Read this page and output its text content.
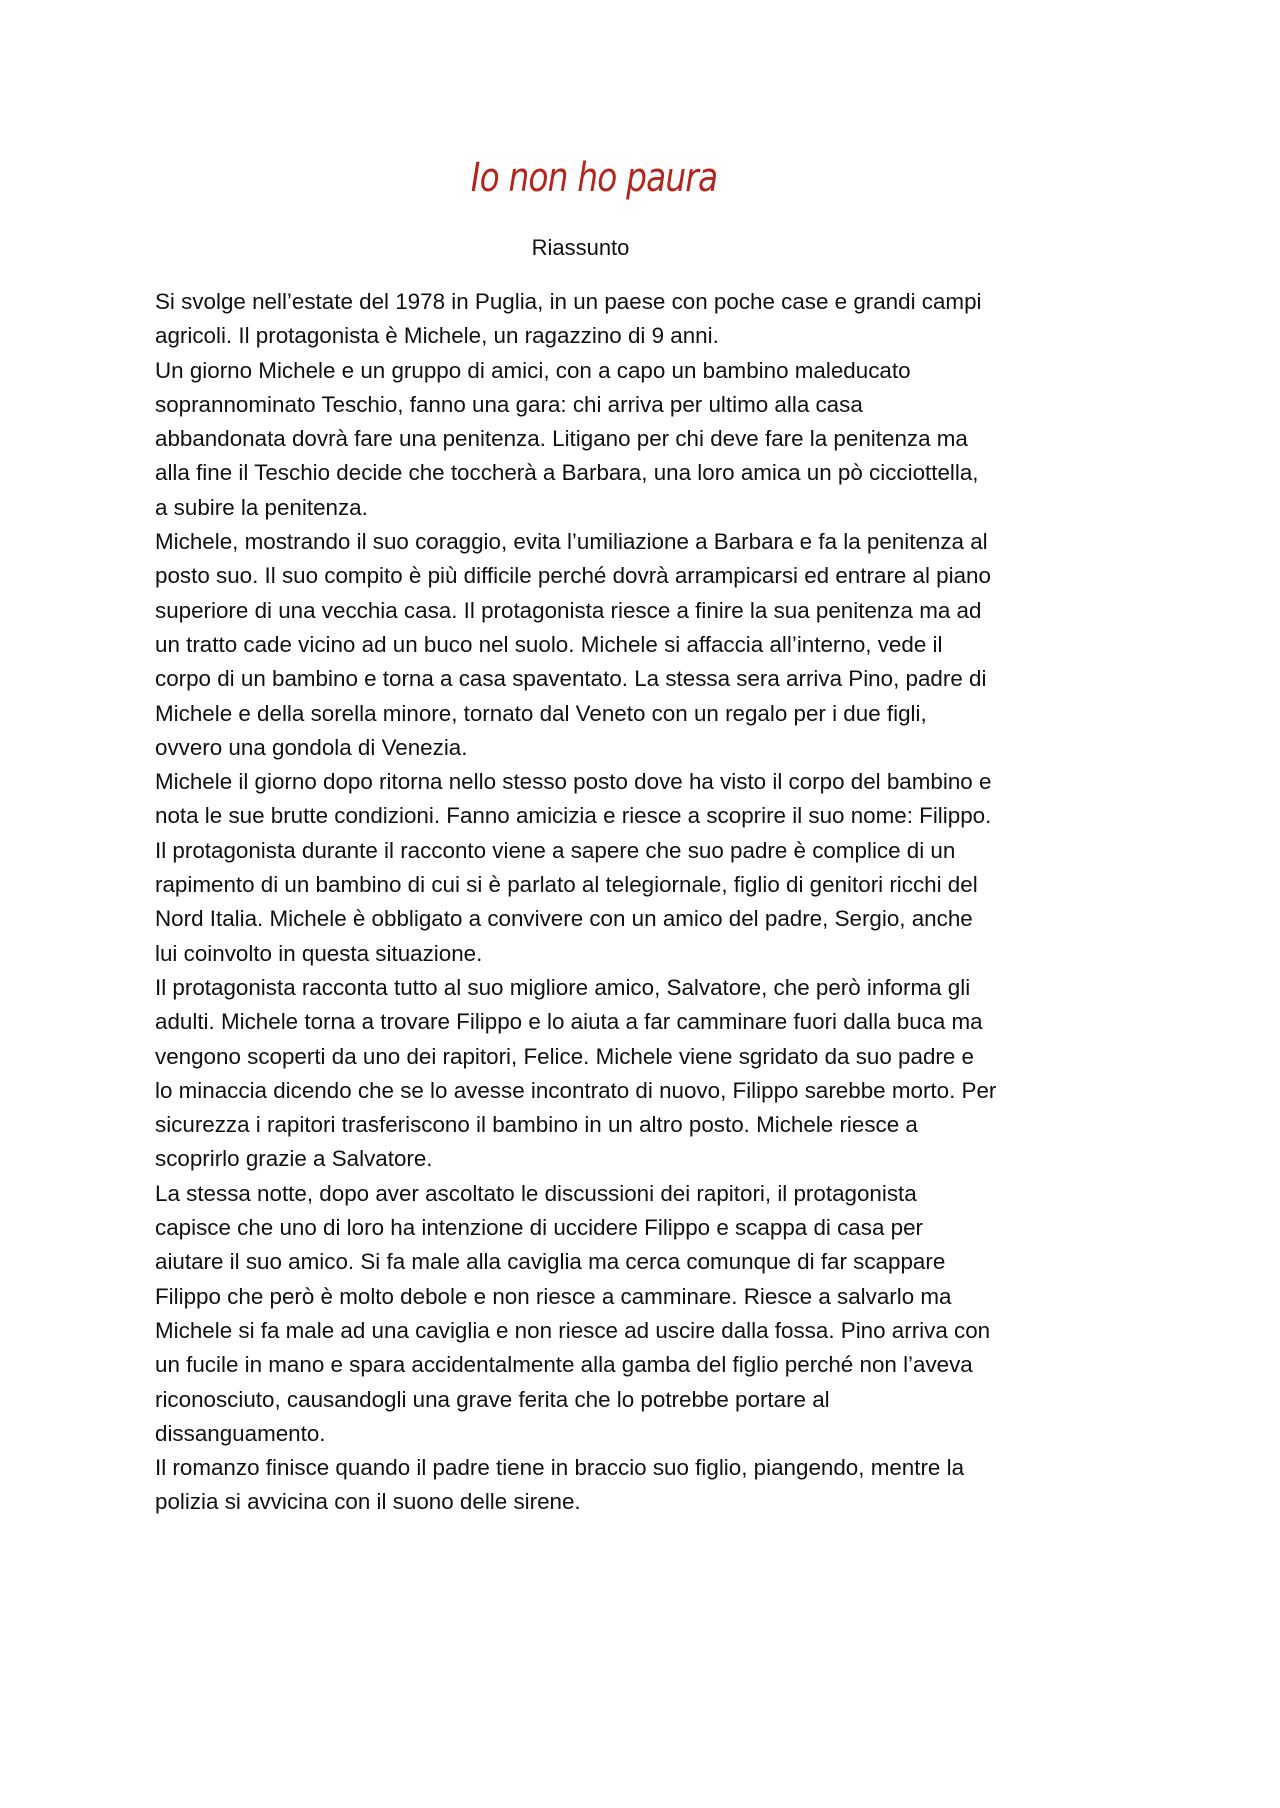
Io non ho paura
Riassunto

Si svolge nell’estate del 1978 in Puglia, in un paese con poche case e grandi campi
agricoli. Il protagonista è Michele, un ragazzino di 9 anni.

Un giorno Michele e un gruppo di amici, con a capo un bambino maleducato
soprannominato Teschio, fanno una gara: chi arriva per ultimo alla casa
abbandonata dovrà fare una penitenza. Litigano per chi deve fare la penitenza ma
alla fine il Teschio decide che toccherà a Barbara, una loro amica un pò cicciottella,
a subire la penitenza.

Michele, mostrando il suo coraggio, evita l’umiliazione a Barbara e fa la penitenza al
posto suo. Il suo compito è più difficile perché dovrà arrampicarsi ed entrare al piano
superiore di una vecchia casa. Il protagonista riesce a finire la sua penitenza ma ad
un tratto cade vicino ad un buco nel suolo. Michele si affaccia all’interno, vede il
corpo di un bambino e torna a casa spaventato. La stessa sera arriva Pino, padre di
Michele e della sorella minore, tornato dal Veneto con un regalo per i due figli,
ovvero una gondola di Venezia.

Michele il giorno dopo ritorna nello stesso posto dove ha visto il corpo del bambino e
nota le sue brutte condizioni. Fanno amicizia e riesce a scoprire il suo nome: Filippo.
Il protagonista durante il racconto viene a sapere che suo padre è complice di un
rapimento di un bambino di cui si è parlato al telegiornale, figlio di genitori ricchi del
Nord Italia. Michele è obbligato a convivere con un amico del padre, Sergio, anche
lui coinvolto in questa situazione.

Il protagonista racconta tutto al suo migliore amico, Salvatore, che però informa gli
adulti. Michele torna a trovare Filippo e lo aiuta a far camminare fuori dalla buca ma
vengono scoperti da uno dei rapitori, Felice. Michele viene sgridato da suo padre e
lo minaccia dicendo che se lo avesse incontrato di nuovo, Filippo sarebbe morto. Per
sicurezza i rapitori trasferiscono il bambino in un altro posto. Michele riesce a
scoprirlo grazie a Salvatore.

La stessa notte, dopo aver ascoltato le discussioni dei rapitori, il protagonista
capisce che uno di loro ha intenzione di uccidere Filippo e scappa di casa per
aiutare il suo amico. Si fa male alla caviglia ma cerca comunque di far scappare
Filippo che però è molto debole e non riesce a camminare. Riesce a salvarlo ma
Michele si fa male ad una caviglia e non riesce ad uscire dalla fossa. Pino arriva con
un fucile in mano e spara accidentalmente alla gamba del figlio perché non l’aveva
riconosciuto, causandogli una grave ferita che lo potrebbe portare al
dissanguamento.

Il romanzo finisce quando il padre tiene in braccio suo figlio, piangendo, mentre la
polizia si avvicina con il suono delle sirene.
